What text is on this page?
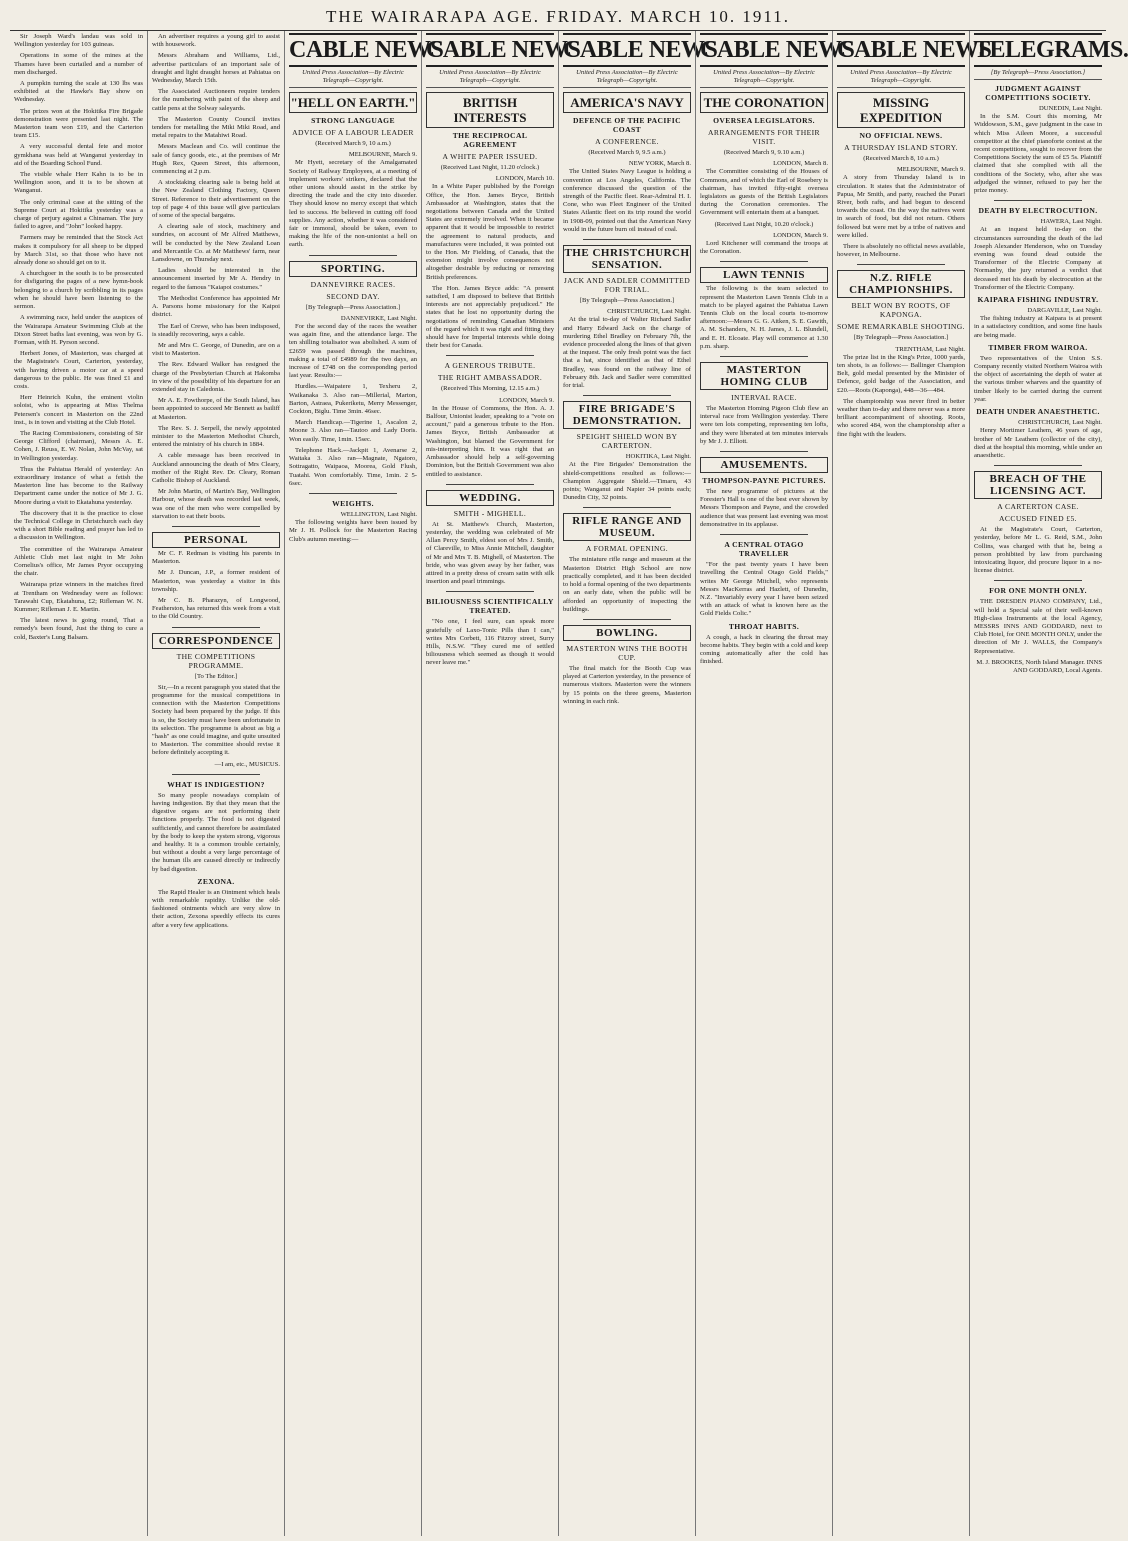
THE WAIRARAPA AGE. FRIDAY. MARCH 10. 1911.

Sir Joseph Ward's landau was sold in Wellington yesterday for 103 guineas.

Operations in some of the mines at the Thames have been curtailed and a number of men discharged.

A pumpkin turning the scale at 130 lbs was exhibited at the Hawke's Bay show on Wednesday.

The prizes won at the Hokitika Fire Brigade demonstration were presented last night. The Masterton team won £19, and the Carterton team £15.

A very successful dental fete and motor gymkhana was held at Wanganui yesterday in aid of the Boarding School Fund.

The visible whale Herr Kahn is to be in Wellington soon, and it is to be shown at Wanganui.

The only criminal case at the sitting of the Supreme Court at Hokitika yesterday was a charge of perjury against a Chinaman. The jury failed to agree, and "John" looked happy.

Farmers may be reminded that the Stock Act makes it compulsory for all sheep to be dipped by March 31st, so that those who have not already done so should get on to it.

A churchgoer in the south is to be prosecuted for disfiguring the pages of a new hymn-book belonging to a church by scribbling in its pages when he should have been listening to the sermon.

A swimming race, held under the auspices of the Wairarapa Amateur Swimming Club at the Dixon Street baths last evening, was won by G. Forman, with H. Pyrson second.

Herbert Jones, of Masterton, was charged at the Magistrate's Court, Carterton, yesterday, with having driven a motor car at a speed dangerous to the public. He was fined £1 and costs.

Herr Heinrich Kuhn, the eminent violin soloist, who is appearing at Miss Thelma Petersen's concert in Masterton on the 22nd inst., is in town and visiting at the Club Hotel.

The Racing Commissioners, consisting of Sir George Clifford (chairman), Messrs A. E. Cohen, J. Reuss, E. W. Nolan, John McVay, sat in Wellington yesterday.

Thus the Pahiatua Herald of yesterday: An extraordinary instance of what a fetish the Masterton line has become to the Railway Department came under the notice of Mr J. G. Moore during a visit to Ekatahuna yesterday.

The discovery that it is the practice to close the Technical College in Christchurch each day with a short Bible reading and prayer has led to a discussion in Wellington.

The committee of the Wairarapa Amateur Athletic Club met last night in Mr John Cornelius's office, Mr James Pryor occupying the chair.

Wairarapa prize winners in the matches fired at Trentham on Wednesday were as follows: Tarawahi Cup, Ekatahuna, £2; Rifleman W. N. Kummer; Rifleman J. E. Martin.

The latest news is going round, That a remedy's been found, Just the thing to cure a cold, Baxter's Lung Balsam.

An advertiser requires a young girl to assist with housework.

Messrs Abraham and Williams, Ltd., advertise particulars of an important sale of draught and light draught horses at Pahiatua on Wednesday, March 15th.

The Associated Auctioneers require tenders for the numbering with paint of the sheep and cattle pens at the Solway saleyards.

The Masterton County Council invites tenders for metalling the Miki Miki Road, and metal repairs to the Matahiwi Road.

Messrs Maclean and Co. will continue the sale of fancy goods, etc., at the premises of Mr Hugh Rex, Queen Street, this afternoon, commencing at 2 p.m.

A stocktaking clearing sale is being held at the New Zealand Clothing Factory, Queen Street. Reference to their advertisement on the top of page 4 of this issue will give particulars of some of the special bargains.

A clearing sale of stock, machinery and sundries, on account of Mr Alfred Matthews, will be conducted by the New Zealand Loan and Mercantile Co. at Mr Matthews' farm, near Lansdowne, on Thursday next.

Ladies should be interested in the announcement inserted by Mr A. Hendry in regard to the famous "Kaiapoi costumes."

The Methodist Conference has appointed Mr A. Parsons home missionary for the Kaipoi district.

The Earl of Crewe, who has been indisposed, is steadily recovering, says a cable.

Mr and Mrs C. George, of Dunedin, are on a visit to Masterton.

The Rev. Edward Walker has resigned the charge of the Presbyterian Church at Hakomba in view of the possibility of his departure for an extended stay in Caledonia.

Mr A. E. Fowthorpe, of the South Island, has been appointed to succeed Mr Bennett as bailiff at Masterton.

The Rev. S. J. Serpell, the newly appointed minister to the Masterton Methodist Church, entered the ministry of his church in 1884.

A cable message has been received in Auckland announcing the death of Mrs Cleary, mother of the Right Rev. Dr. Cleary, Roman Catholic Bishop of Auckland.

Mr John Martin, of Martin's Bay, Wellington Harbour, whose death was recorded last week, was one of the men who were compelled by starvation to eat their boots.

PERSONAL

Mr C. F. Redman is visiting his parents in Masterton.

Mr J. Duncan, J.P., a former resident of Masterton, was yesterday a visitor in this township.

Mr C. B. Pharazyn, of Longwood, Featherston, has returned this week from a visit to the Old Country.

CORRESPONDENCE
THE COMPETITIONS PROGRAMME.
[To The Editor.]

Sir,—In a recent paragraph you stated that the programme for the musical competitions in connection with the Masterton Competitions Society had been prepared by the judge. If this is so, the Society must have been unfortunate in its selection. The programme is about as big a "hash" as one could imagine, and quite unsuited to Masterton. The committee should revise it before definitely accepting it.

—I am, etc., MUSICUS.
WHAT IS INDIGESTION?

So many people nowadays complain of having indigestion. By that they mean that the digestive organs are not performing their functions properly. The food is not digested sufficiently, and cannot therefore be assimilated by the body to keep the system strong, vigorous and healthy. It is a common trouble certainly, but without a doubt a very large percentage of the human ills are caused directly or indirectly by bad digestion.

ZEXONA.

The Rapid Healer is an Ointment which heals with remarkable rapidity. Unlike the old-fashioned ointments which are very slow in their action, Zexona speedily effects its cures after a very few applications.

CABLE NEWS
United Press Association—By Electric Telegraph—Copyright.
"HELL ON EARTH."
STRONG LANGUAGE
ADVICE OF A LABOUR LEADER
(Received March 9, 10 a.m.)
MELBOURNE, March 9.

Mr Hyett, secretary of the Amalgamated Society of Railway Employees, at a meeting of implement workers' strikers, declared that the other unions should assist in the strike by directing the trade and the city into disorder. They should know no mercy except that which led to success. He believed in cutting off food supplies. Any action, whether it was considered fair or immoral, should be taken, even to making the life of the non-unionist a hell on earth.

SPORTING.
DANNEVIRKE RACES.
SECOND DAY.
[By Telegraph—Press Association.]
DANNEVIRKE, Last Night.

For the second day of the races the weather was again fine, and the attendance large. The ten shilling totalisator was abolished. A sum of £2659 was passed through the machines, making a total of £4989 for the two days, an increase of £748 on the corresponding period last year. Results:—

Hurdles.—Waipatere 1, Texheru 2, Waikanaka 3. Also ran—Millerial, Marton, Barton, Astraea, Pukeriketu, Merry Messenger, Cockton, Biglu. Time 3min. 46sec.

March Handicap.—Tigerine 1, Ascalon 2, Moone 3. Also ran—Tautoo and Lady Doris. Won easily. Time, 1min. 15sec.

Telephone Hack.—Jackpit 1, Avenarse 2, Waitaka 3. Also ran—Magnate, Ngatoro, Sottragatto, Waipaoa, Moorea, Gold Flush, Tuatahi. Won comfortably. Time, 1min. 2 5-6sec.

WEIGHTS.
WELLINGTON, Last Night.

The following weights have been issued by Mr J. H. Pollock for the Masterton Racing Club's autumn meeting:—

CABLE NEWS
United Press Association—By Electric Telegraph—Copyright.
BRITISH INTERESTS
THE RECIPROCAL AGREEMENT
A WHITE PAPER ISSUED.
(Received Last Night, 11.20 o'clock.)
LONDON, March 10.

In a White Paper published by the Foreign Office, the Hon. James Bryce, British Ambassador at Washington, states that the negotiations between Canada and the United States are extremely involved. When it became apparent that it would be impossible to restrict the agreement to natural products, and manufactures were included, it was pointed out to the Hon. Mr Fielding, of Canada, that the extension might involve consequences not altogether desirable by reducing or removing British preferences.

The Hon. James Bryce adds: "A present satisfied, I am disposed to believe that British interests are not appreciably prejudiced." He states that he lost no opportunity during the negotiations of reminding Canadian Ministers of the regard which it was right and fitting they should have for Imperial interests while doing their best for Canada.

A GENEROUS TRIBUTE.
THE RIGHT AMBASSADOR.
(Received This Morning, 12.15 a.m.)
LONDON, March 9.

In the House of Commons, the Hon. A. J. Balfour, Unionist leader, speaking to a "vote on account," paid a generous tribute to the Hon. James Bryce, British Ambassador at Washington, but blamed the Government for mis-interpreting him. It was right that an Ambassador should help a self-governing Dominion, but the British Government was also entitled to assistance.

WEDDING.
SMITH - MIGHELL.

At St. Matthew's Church, Masterton, yesterday, the wedding was celebrated of Mr Allan Percy Smith, eldest son of Mrs J. Smith, of Clareville, to Miss Annie Mitchell, daughter of Mr and Mrs T. B. Mighell, of Masterton. The bride, who was given away by her father, was attired in a pretty dress of cream satin with silk insertion and pearl trimmings.

BILIOUSNESS SCIENTIFICALLY TREATED.

"No one, I feel sure, can speak more gratefully of Laxo-Tonic Pills than I can," writes Mrs Corbett, 116 Fitzroy street, Surry Hills, N.S.W. "They cured me of settled biliousness which seemed as though it would never leave me."

CABLE NEWS
United Press Association—By Electric Telegraph—Copyright.
AMERICA'S NAVY
DEFENCE OF THE PACIFIC COAST
A CONFERENCE.
(Received March 9, 9.5 a.m.)
NEW YORK, March 8.

The United States Navy League is holding a convention at Los Angeles, California. The conference discussed the question of the strength of the Pacific fleet. Rear-Admiral H. I. Cone, who was Fleet Engineer of the United States Atlantic fleet on its trip round the world in 1908-09, pointed out that the American Navy would in the future burn oil instead of coal.

THE CHRISTCHURCH SENSATION.
JACK AND SADLER COMMITTED FOR TRIAL.
[By Telegraph—Press Association.]
CHRISTCHURCH, Last Night.

At the trial to-day of Walter Richard Sadler and Harry Edward Jack on the charge of murdering Ethel Bradley on February 7th, the evidence proceeded along the lines of that given at the inquest. The only fresh point was the fact that a hat, since identified as that of Ethel Bradley, was found on the railway line of February 8th. Jack and Sadler were committed for trial.

FIRE BRIGADE'S DEMONSTRATION.
SPEIGHT SHIELD WON BY CARTERTON.
HOKITIKA, Last Night.

At the Fire Brigades' Demonstration the shield-competitions resulted as follows:— Champion Aggregate Shield.—Timaru, 43 points; Wanganui and Napier 34 points each; Dunedin City, 32 points.

RIFLE RANGE AND MUSEUM.
A FORMAL OPENING.

The miniature rifle range and museum at the Masterton District High School are now practically completed, and it has been decided to hold a formal opening of the two departments on an early date, when the public will be afforded an opportunity of inspecting the buildings.

BOWLING.
MASTERTON WINS THE BOOTH CUP.

The final match for the Booth Cup was played at Carterton yesterday, in the presence of numerous visitors. Masterton were the winners by 15 points on the three greens, Masterton winning in each rink.

CABLE NEWS
United Press Association—By Electric Telegraph—Copyright.
THE CORONATION
OVERSEA LEGISLATORS.
ARRANGEMENTS FOR THEIR VISIT.
(Received March 9, 9.10 a.m.)
LONDON, March 8.

The Committee consisting of the Houses of Commons, and of which the Earl of Rosebery is chairman, has invited fifty-eight oversea legislators as guests of the British Legislators during the Coronation ceremonies. The Government will entertain them at a banquet.

(Received Last Night, 10.20 o'clock.)
LONDON, March 9.

Lord Kitchener will command the troops at the Coronation.

LAWN TENNIS

The following is the team selected to represent the Masterton Lawn Tennis Club in a match to be played against the Pahiatua Lawn Tennis Club on the local courts to-morrow afternoon:—Messrs G. G. Aitken, S. E. Gawith, A. M. Schanders, N. H. James, J. L. Blundell, and E. H. Elcoate. Play will commence at 1.30 p.m. sharp.

MASTERTON HOMING CLUB
INTERVAL RACE.

The Masterton Homing Pigeon Club flew an interval race from Wellington yesterday. There were ten lots competing, representing ten lofts, and they were liberated at ten minutes intervals by Mr J. J. Elliott.

AMUSEMENTS.
THOMPSON-PAYNE PICTURES.

The new programme of pictures at the Forester's Hall is one of the best ever shown by Messrs Thompson and Payne, and the crowded audience that was present last evening was most demonstrative in its applause.

A CENTRAL OTAGO TRAVELLER

"For the past twenty years I have been travelling the Central Otago Gold Fields," writes Mr George Mitchell, who represents Messrs MacKerras and Hazlett, of Dunedin, N.Z. "Invariably every year I have been seized with an attack of what is known here as the Gold Fields Colic."

THROAT HABITS.

A cough, a hack in clearing the throat may become habits. They begin with a cold and keep coming automatically after the cold has finished.

CABLE NEWS
United Press Association—By Electric Telegraph—Copyright.
MISSING EXPEDITION
NO OFFICIAL NEWS.
A THURSDAY ISLAND STORY.
(Received March 8, 10 a.m.)
MELBOURNE, March 9.

A story from Thursday Island is in circulation. It states that the Administrator of Papua, Mr Smith, and party, reached the Purari River, both rafts, and had begun to descend towards the coast. On the way the natives went in search of food, but did not return. Others followed but were met by a tribe of natives and were killed.

There is absolutely no official news available, however, in Melbourne.

N.Z. RIFLE CHAMPIONSHIPS.
BELT WON BY ROOTS, OF KAPONGA.
SOME REMARKABLE SHOOTING.
[By Telegraph—Press Association.]
TRENTHAM, Last Night.

The prize list in the King's Prize, 1000 yards, ten shots, is as follows:— Ballinger Champion Belt, gold medal presented by the Minister of Defence, gold badge of the Association, and £20.—Roots (Kaponga), 448—36—484.

The championship was never fired in better weather than to-day and there never was a more brilliant accompaniment of shooting. Roots, who scored 484, won the championship after a fine fight with the leaders.

TELEGRAMS.
[By Telegraph—Press Association.]
JUDGMENT AGAINST COMPETITIONS SOCIETY.
DUNEDIN, Last Night.

In the S.M. Court this morning, Mr Widdowson, S.M., gave judgment in the case in which Miss Aileen Moore, a successful competitor at the chief pianoforte contest at the recent competitions, sought to recover from the Competitions Society the sum of £5 5s. Plaintiff claimed that she complied with all the conditions of the Society, who, after she was adjudged the winner, refused to pay her the prize money.

DEATH BY ELECTROCUTION.
HAWERA, Last Night.

At an inquest held to-day on the circumstances surrounding the death of the lad Joseph Alexander Henderson, who on Tuesday evening was found dead outside the Transformer of the Electric Company at Normanby, the jury returned a verdict that deceased met his death by electrocution at the Transformer of the Electric Company.

KAIPARA FISHING INDUSTRY.
DARGAVILLE, Last Night.

The fishing industry at Kaipara is at present in a satisfactory condition, and some fine hauls are being made.

TIMBER FROM WAIROA.

Two representatives of the Union S.S. Company recently visited Northern Wairoa with the object of ascertaining the depth of water at the various timber wharves and the quantity of timber likely to be carried during the current year.

DEATH UNDER ANAESTHETIC.
CHRISTCHURCH, Last Night.

Henry Mortimer Leathem, 46 years of age, brother of Mr Leathem (collector of the city), died at the hospital this morning, while under an anaesthetic.

BREACH OF THE LICENSING ACT.
A CARTERTON CASE.
ACCUSED FINED £5.

At the Magistrate's Court, Carterton, yesterday, before Mr L. G. Reid, S.M., John Collins, was charged with that he, being a person prohibited by law from purchasing intoxicating liquor, did procure liquor in a no-license district.

FOR ONE MONTH ONLY.

THE DRESDEN PIANO COMPANY, Ltd., will hold a Special sale of their well-known High-class Instruments at the local Agency, MESSRS INNS AND GODDARD, next to Club Hotel, for ONE MONTH ONLY, under the direction of Mr J. WALLS, the Company's Representative.

M. J. BROOKES, North Island Manager. INNS AND GODDARD, Local Agents.
